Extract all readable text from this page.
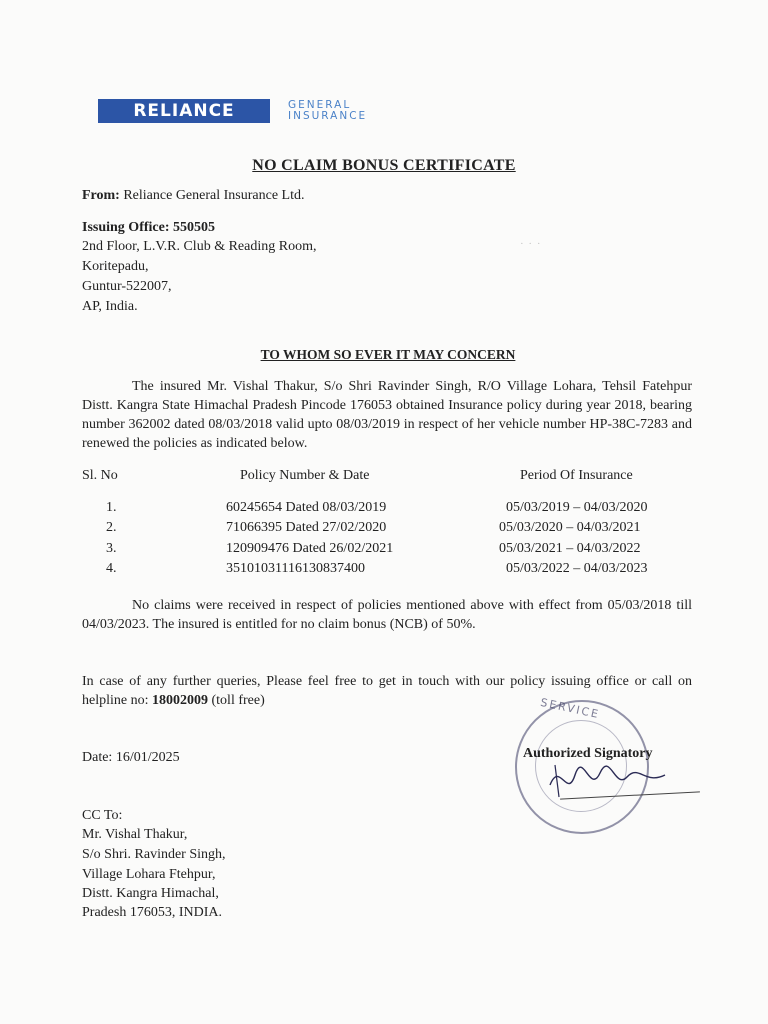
RELIANCE	GENERAL
INSURANCE
NO CLAIM BONUS CERTIFICATE
From: Reliance General Insurance Ltd.
Issuing Office: 550505
2nd Floor, L.V.R. Club & Reading Room,
Koritepadu,
Guntur-522007,
AP, India.
· · ·
TO WHOM SO EVER IT MAY CONCERN
The insured Mr. Vishal Thakur, S/o Shri Ravinder Singh, R/O Village Lohara, Tehsil Fatehpur Distt. Kangra State Himachal Pradesh Pincode 176053 obtained Insurance policy during year 2018, bearing number 362002 dated 08/03/2018 valid upto 08/03/2019 in respect of her vehicle number HP-38C-7283 and renewed the policies as indicated below.
Sl. No	Policy Number & Date	Period Of Insurance
1.	60245654 Dated 08/03/2019	05/03/2019 – 04/03/2020
2.	71066395 Dated 27/02/2020	05/03/2020 – 04/03/2021
3.	120909476 Dated 26/02/2021	05/03/2021 – 04/03/2022
4.	3510103111613083740​0	05/03/2022 – 04/03/2023
No claims were received in respect of policies mentioned above with effect from 05/03/2018 till 04/03/2023. The insured is entitled for no claim bonus (NCB) of 50%.
In case of any further queries, Please feel free to get in touch with our policy issuing office or call on helpline no: 18002009 (toll free)
Date: 16/01/2025
SERVICE
Authorized Signatory
CC To:
Mr. Vishal Thakur,
S/o Shri. Ravinder Singh,
Village Lohara Ftehpur,
Distt. Kangra Himachal,
Pradesh 176053, INDIA.
